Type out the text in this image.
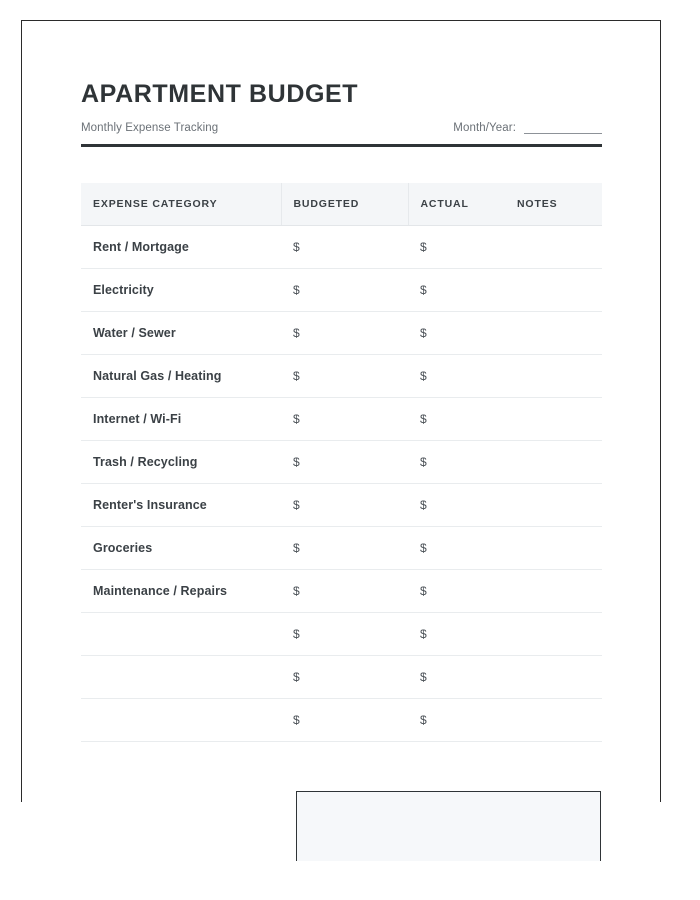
APARTMENT BUDGET
Monthly Expense Tracking	Month/Year:
EXPENSE CATEGORY	BUDGETED	ACTUAL	NOTES
Rent / Mortgage	$	$	
Electricity	$	$	
Water / Sewer	$	$	
Natural Gas / Heating	$	$	
Internet / Wi-Fi	$	$	
Trash / Recycling	$	$	
Renter's Insurance	$	$	
Groceries	$	$	
Maintenance / Repairs	$	$	
	$	$	
	$	$	
	$	$	
